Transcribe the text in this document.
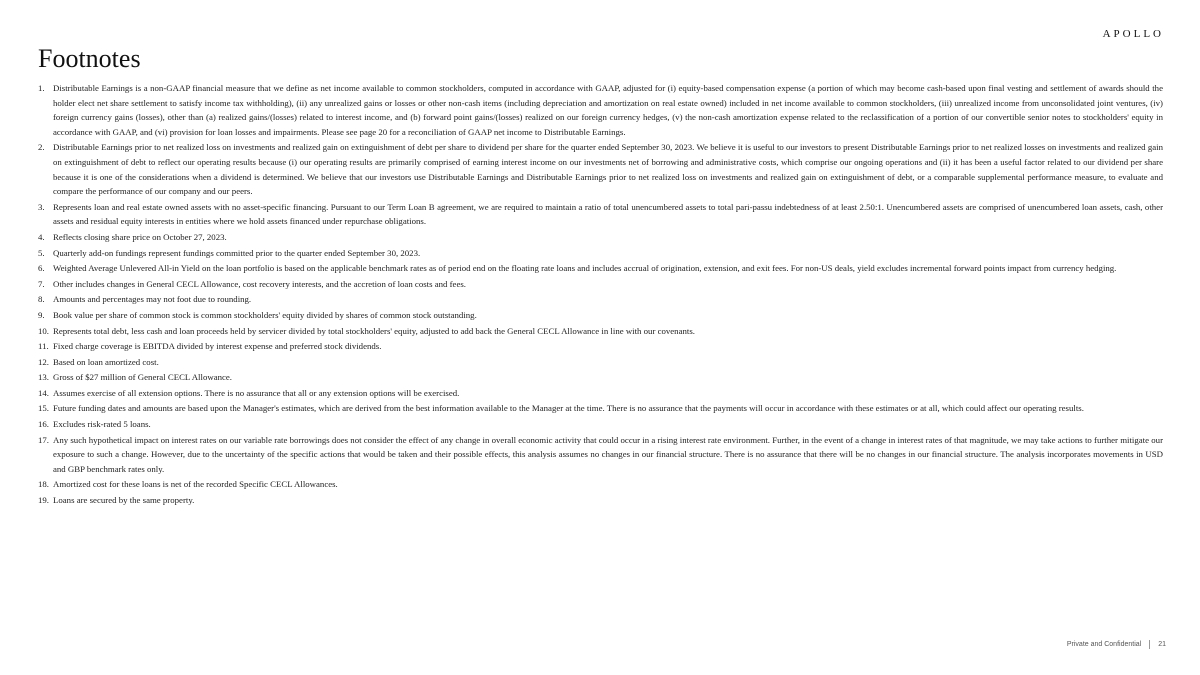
APOLLO
Footnotes
1. Distributable Earnings is a non-GAAP financial measure that we define as net income available to common stockholders, computed in accordance with GAAP, adjusted for (i) equity-based compensation expense (a portion of which may become cash-based upon final vesting and settlement of awards should the holder elect net share settlement to satisfy income tax withholding), (ii) any unrealized gains or losses or other non-cash items (including depreciation and amortization on real estate owned) included in net income available to common stockholders, (iii) unrealized income from unconsolidated joint ventures, (iv) foreign currency gains (losses), other than (a) realized gains/(losses) related to interest income, and (b) forward point gains/(losses) realized on our foreign currency hedges, (v) the non-cash amortization expense related to the reclassification of a portion of our convertible senior notes to stockholders' equity in accordance with GAAP, and (vi) provision for loan losses and impairments. Please see page 20 for a reconciliation of GAAP net income to Distributable Earnings.
2. Distributable Earnings prior to net realized loss on investments and realized gain on extinguishment of debt per share to dividend per share for the quarter ended September 30, 2023. We believe it is useful to our investors to present Distributable Earnings prior to net realized losses on investments and realized gain on extinguishment of debt to reflect our operating results because (i) our operating results are primarily comprised of earning interest income on our investments net of borrowing and administrative costs, which comprise our ongoing operations and (ii) it has been a useful factor related to our dividend per share because it is one of the considerations when a dividend is determined. We believe that our investors use Distributable Earnings and Distributable Earnings prior to net realized loss on investments and realized gain on extinguishment of debt, or a comparable supplemental performance measure, to evaluate and compare the performance of our company and our peers.
3. Represents loan and real estate owned assets with no asset-specific financing. Pursuant to our Term Loan B agreement, we are required to maintain a ratio of total unencumbered assets to total pari-passu indebtedness of at least 2.50:1. Unencumbered assets are comprised of unencumbered loan assets, cash, other assets and residual equity interests in entities where we hold assets financed under repurchase obligations.
4. Reflects closing share price on October 27, 2023.
5. Quarterly add-on fundings represent fundings committed prior to the quarter ended September 30, 2023.
6. Weighted Average Unlevered All-in Yield on the loan portfolio is based on the applicable benchmark rates as of period end on the floating rate loans and includes accrual of origination, extension, and exit fees. For non-US deals, yield excludes incremental forward points impact from currency hedging.
7. Other includes changes in General CECL Allowance, cost recovery interests, and the accretion of loan costs and fees.
8. Amounts and percentages may not foot due to rounding.
9. Book value per share of common stock is common stockholders' equity divided by shares of common stock outstanding.
10. Represents total debt, less cash and loan proceeds held by servicer divided by total stockholders' equity, adjusted to add back the General CECL Allowance in line with our covenants.
11. Fixed charge coverage is EBITDA divided by interest expense and preferred stock dividends.
12. Based on loan amortized cost.
13. Gross of $27 million of General CECL Allowance.
14. Assumes exercise of all extension options. There is no assurance that all or any extension options will be exercised.
15. Future funding dates and amounts are based upon the Manager's estimates, which are derived from the best information available to the Manager at the time. There is no assurance that the payments will occur in accordance with these estimates or at all, which could affect our operating results.
16. Excludes risk-rated 5 loans.
17. Any such hypothetical impact on interest rates on our variable rate borrowings does not consider the effect of any change in overall economic activity that could occur in a rising interest rate environment. Further, in the event of a change in interest rates of that magnitude, we may take actions to further mitigate our exposure to such a change. However, due to the uncertainty of the specific actions that would be taken and their possible effects, this analysis assumes no changes in our financial structure. There is no assurance that there will be no changes in our financial structure. The analysis incorporates movements in USD and GBP benchmark rates only.
18. Amortized cost for these loans is net of the recorded Specific CECL Allowances.
19. Loans are secured by the same property.
Private and Confidential 21
